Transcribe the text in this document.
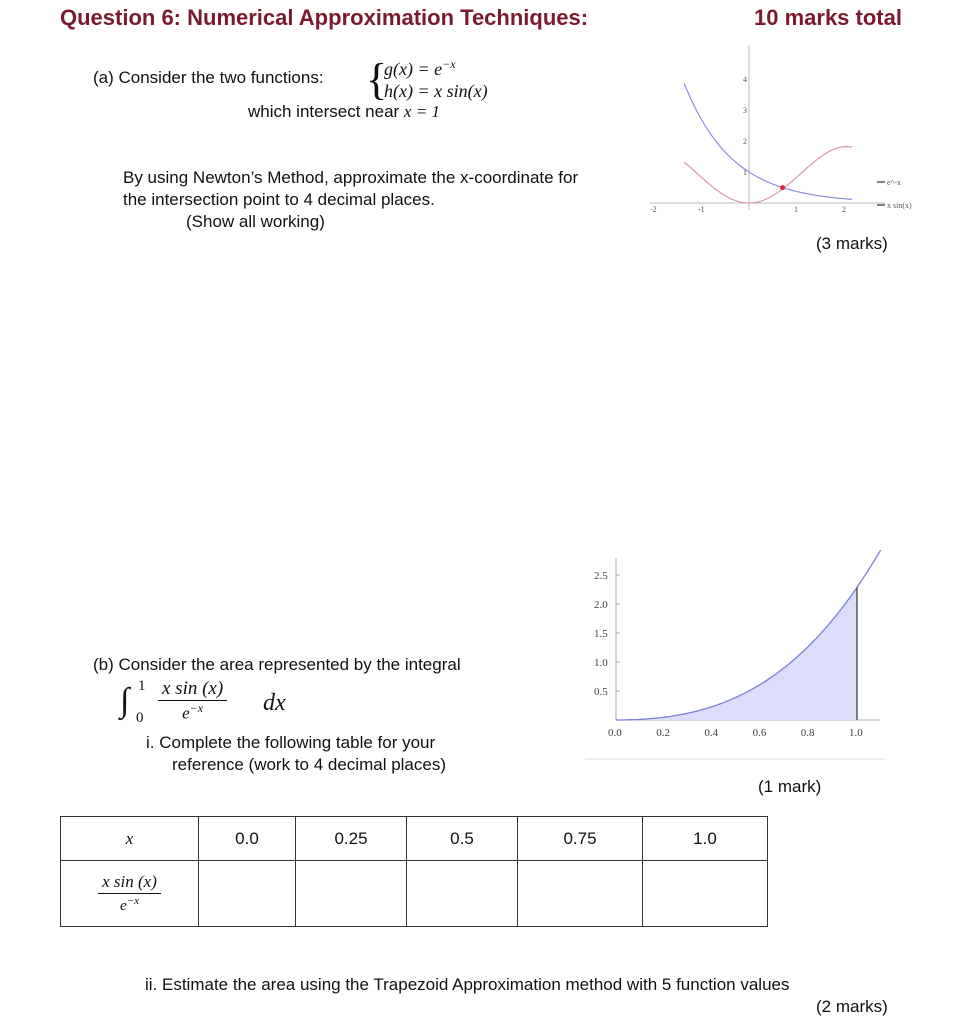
Question 6: Numerical Approximation Techniques:	10 marks total
(a) Consider the two functions: {
$g(x) = e^{-x}$
h(x) = x sin(x)
which intersect near x = 1
By using Newton’s Method, approximate the x-coordinate for
the intersection point to 4 decimal places.
(Show all working)
(3 marks)
4
3
2
1
-2	-1	1	2
e^-x
x sin(x)
(b) Consider the area represented by the integral
∫ 1
0
x sin (x)
$e^{-x}$	dx
i. Complete the following table for your
reference (work to 4 decimal places)
(1 mark)
2.5
2.0
1.5
1.0
0.5
0.0	0.2	0.4	0.6	0.8	1.0
x	0.0	0.25	0.5	0.75	1.0

$\frac{\text{x sin (x)}}{e^{-x}}$

ii. Estimate the area using the Trapezoid Approximation method with 5 function values
(2 marks)
